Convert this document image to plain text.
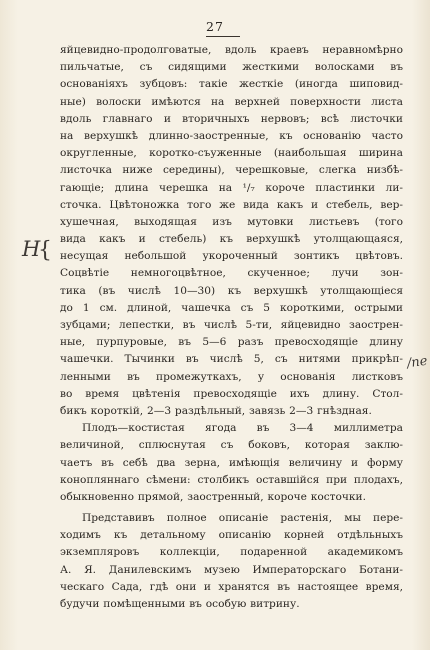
27
H
{
/ne
яйцевидно-продолговатые, вдоль краевъ неравномѣрно
пильчатые, съ сидящими жесткими волосками въ
основаніяхъ зубцовъ: такіе жесткіе (иногда шиповид-
ные) волоски имѣются на верхней поверхности листа
вдоль главнаго и вторичныхъ нервовъ; всѣ листочки
на верхушкѣ длинно-заостренные, къ основанію часто
округленные, коротко-съуженные (наибольшая ширина
листочка ниже середины), черешковые, слегка низбѣ-
гающіе; длина черешка на ¹/₇ короче пластинки ли-
сточка. Цвѣтоножка того же вида какъ и стебель, вер-
хушечная, выходящая изъ мутовки листьевъ (того
вида какъ и стебель) къ верхушкѣ утолщающаяся,
несущая небольшой укороченный зонтикъ цвѣтовъ.
Соцвѣтіе немногоцвѣтное, скученное; лучи зон-
тика (въ числѣ 10—30) къ верхушкѣ утолщающіеся
до 1 см. длиной, чашечка съ 5 короткими, острыми
зубцами; лепестки, въ числѣ 5-ти, яйцевидно заострен-
ные, пурпуровые, въ 5—6 разъ превосходящіе длину
чашечки. Тычинки въ числѣ 5, съ нитями прикрѣп-
ленными въ промежуткахъ, у основанія листковъ
во время цвѣтенія превосходящіе ихъ длину. Стол-
бикъ короткій, 2—3 раздѣльный, завязь 2—3 гнѣздная.
Плодъ—костистая ягода въ 3—4 миллиметра
величиной, сплюснутая съ боковъ, которая заклю-
чаетъ въ себѣ два зерна, имѣющія величину и форму
конопляннаго сѣмени: столбикъ оставшійся при плодахъ,
обыкновенно прямой, заостренный, короче косточки.
Представивъ полное описаніе растенія, мы пере-
ходимъ къ детальному описанію корней отдѣльныхъ
экземпляровъ коллекціи, подаренной академикомъ
А. Я. Данилевскимъ музею Императорскаго Ботани-
ческаго Сада, гдѣ они и хранятся въ настоящее время,
будучи помѣщенными въ особую витрину.
